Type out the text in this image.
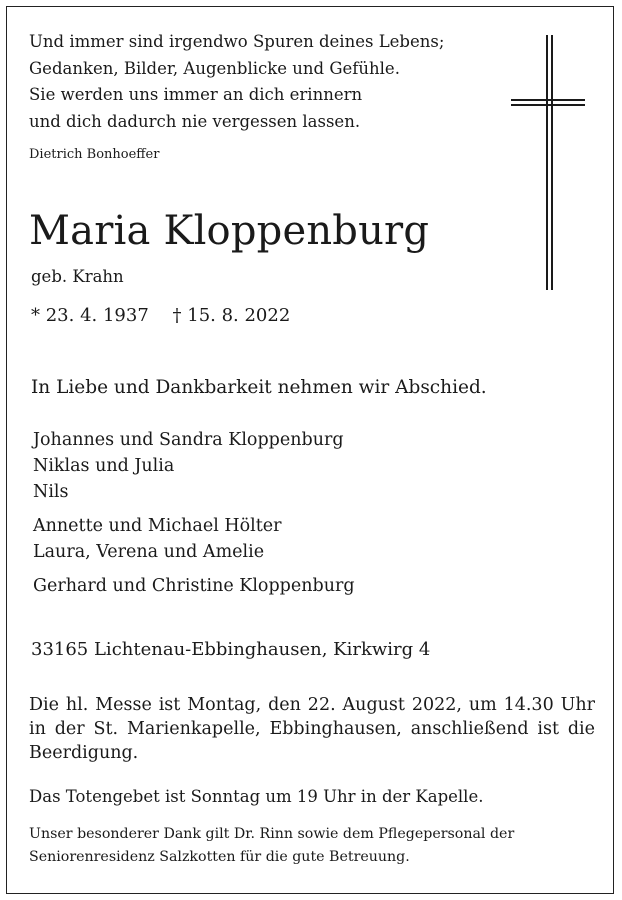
Und immer sind irgendwo Spuren deines Lebens;
Gedanken, Bilder, Augenblicke und Gefühle.
Sie werden uns immer an dich erinnern
und dich dadurch nie vergessen lassen.
Dietrich Bonhoeffer
Maria Kloppenburg
geb. Krahn
* 23. 4. 1937 † 15. 8. 2022
In Liebe und Dankbarkeit nehmen wir Abschied.
Johannes und Sandra Kloppenburg
Niklas und Julia
Nils
Annette und Michael Hölter
Laura, Verena und Amelie
Gerhard und Christine Kloppenburg
33165 Lichtenau-Ebbinghausen, Kirkwirg 4
Die hl. Messe ist Montag, den 22. August 2022, um 14.30 Uhr in der St. Marienkapelle, Ebbinghausen, anschließend ist die Beerdigung.
Das Totengebet ist Sonntag um 19 Uhr in der Kapelle.
Unser besonderer Dank gilt Dr. Rinn sowie dem Pflegepersonal der Seniorenresidenz Salzkotten für die gute Betreuung.
